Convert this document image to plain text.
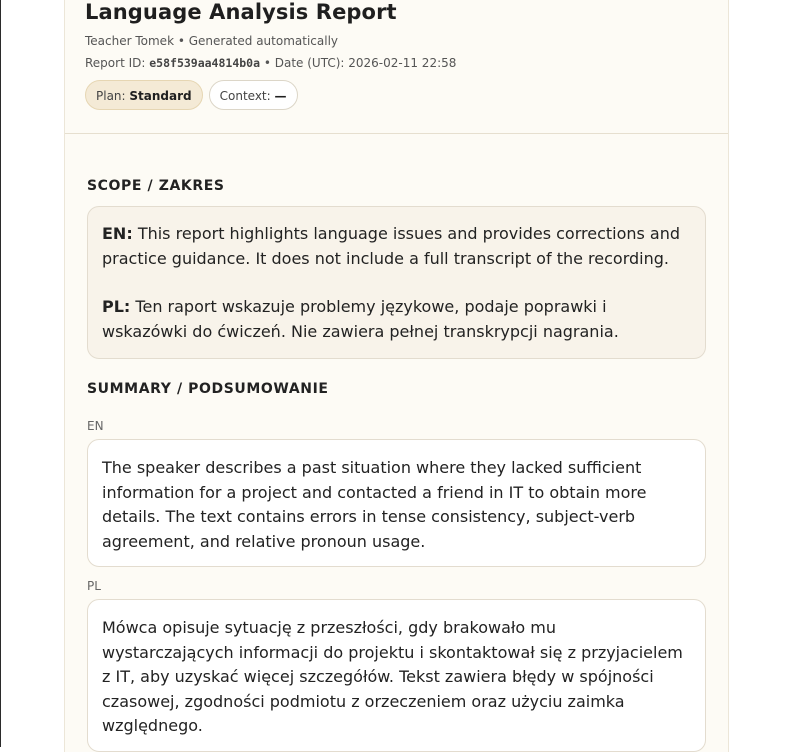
Language Analysis Report
Teacher Tomek • Generated automatically
Report ID: e58f539aa4814b0a • Date (UTC): 2026-02-11 22:58
Plan: Standard	Context: —
SCOPE / ZAKRES

EN: This report highlights language issues and provides corrections and practice guidance. It does not include a full transcript of the recording.

PL: Ten raport wskazuje problemy językowe, podaje poprawki i wskazówki do ćwiczeń. Nie zawiera pełnej transkrypcji nagrania.

SUMMARY / PODSUMOWANIE
EN
The speaker describes a past situation where they lacked sufficient information for a project and contacted a friend in IT to obtain more details. The text contains errors in tense consistency, subject-verb agreement, and relative pronoun usage.
PL
Mówca opisuje sytuację z przeszłości, gdy brakowało mu wystarczających informacji do projektu i skontaktował się z przyjacielem z IT, aby uzyskać więcej szczegółów. Tekst zawiera błędy w spójności czasowej, zgodności podmiotu z orzeczeniem oraz użyciu zaimka względnego.
